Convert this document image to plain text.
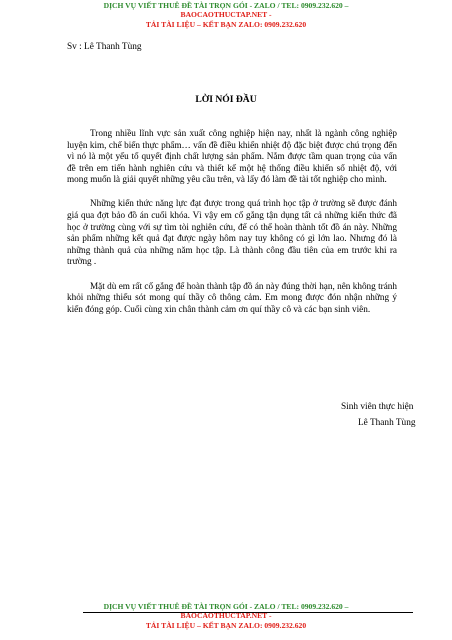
DỊCH VỤ VIẾT THUÊ ĐỀ TÀI TRỌN GÓI - ZALO / TEL: 0909.232.620 –
BAOCAOTHUCTAP.NET -
TẢI TÀI LIỆU – KẾT BẠN ZALO: 0909.232.620
Sv : Lê Thanh Tùng
LỜI NÓI ĐẦU

Trong nhiều lĩnh vực sản xuất công nghiệp hiện nay, nhất là ngành công nghiệp luyện kim, chế biến thực phẩm… vấn đề điều khiển nhiệt độ đặc biệt được chú trọng đến vì nó là một yếu tố quyết định chất lượng sản phẩm. Nắm được tầm quan trọng của vấn đề trên em tiến hành nghiên cứu và thiết kế một hệ thống điều khiển số nhiệt độ, với mong muốn là giải quyết những yêu cầu trên, và lấy đó làm đề tài tốt nghiệp cho mình.

Những kiến thức năng lực đạt được trong quá trình học tập ở trường sẽ được đánh giá qua đợt bảo đồ án cuối khóa. Vì vậy em cố gắng tận dụng tất cả những kiến thức đã học ở trường cùng với sự tìm tòi nghiên cứu, để có thể hoàn thành tốt đồ án này. Những sản phẩm những kết quả đạt được ngày hôm nay tuy không có gì lớn lao. Nhưng đó là những thành quả của những năm học tập. Là thành công đầu tiên của em trước khi ra trường .

Mặt dù em rất cố gắng để hoàn thành tập đồ án này đúng thời hạn, nên không tránh khỏi những thiếu sót mong quí thầy cô thông cảm. Em mong được đón nhận những ý kiến đóng góp. Cuối cùng xin chân thành cảm ơn quí thầy cô và các bạn sinh viên.

Sinh viên thực hiện
Lê Thanh Tùng
DỊCH VỤ VIẾT THUÊ ĐỀ TÀI TRỌN GÓI - ZALO / TEL: 0909.232.620 –
BAOCAOTHUCTAP.NET -
TẢI TÀI LIỆU – KẾT BẠN ZALO: 0909.232.620
